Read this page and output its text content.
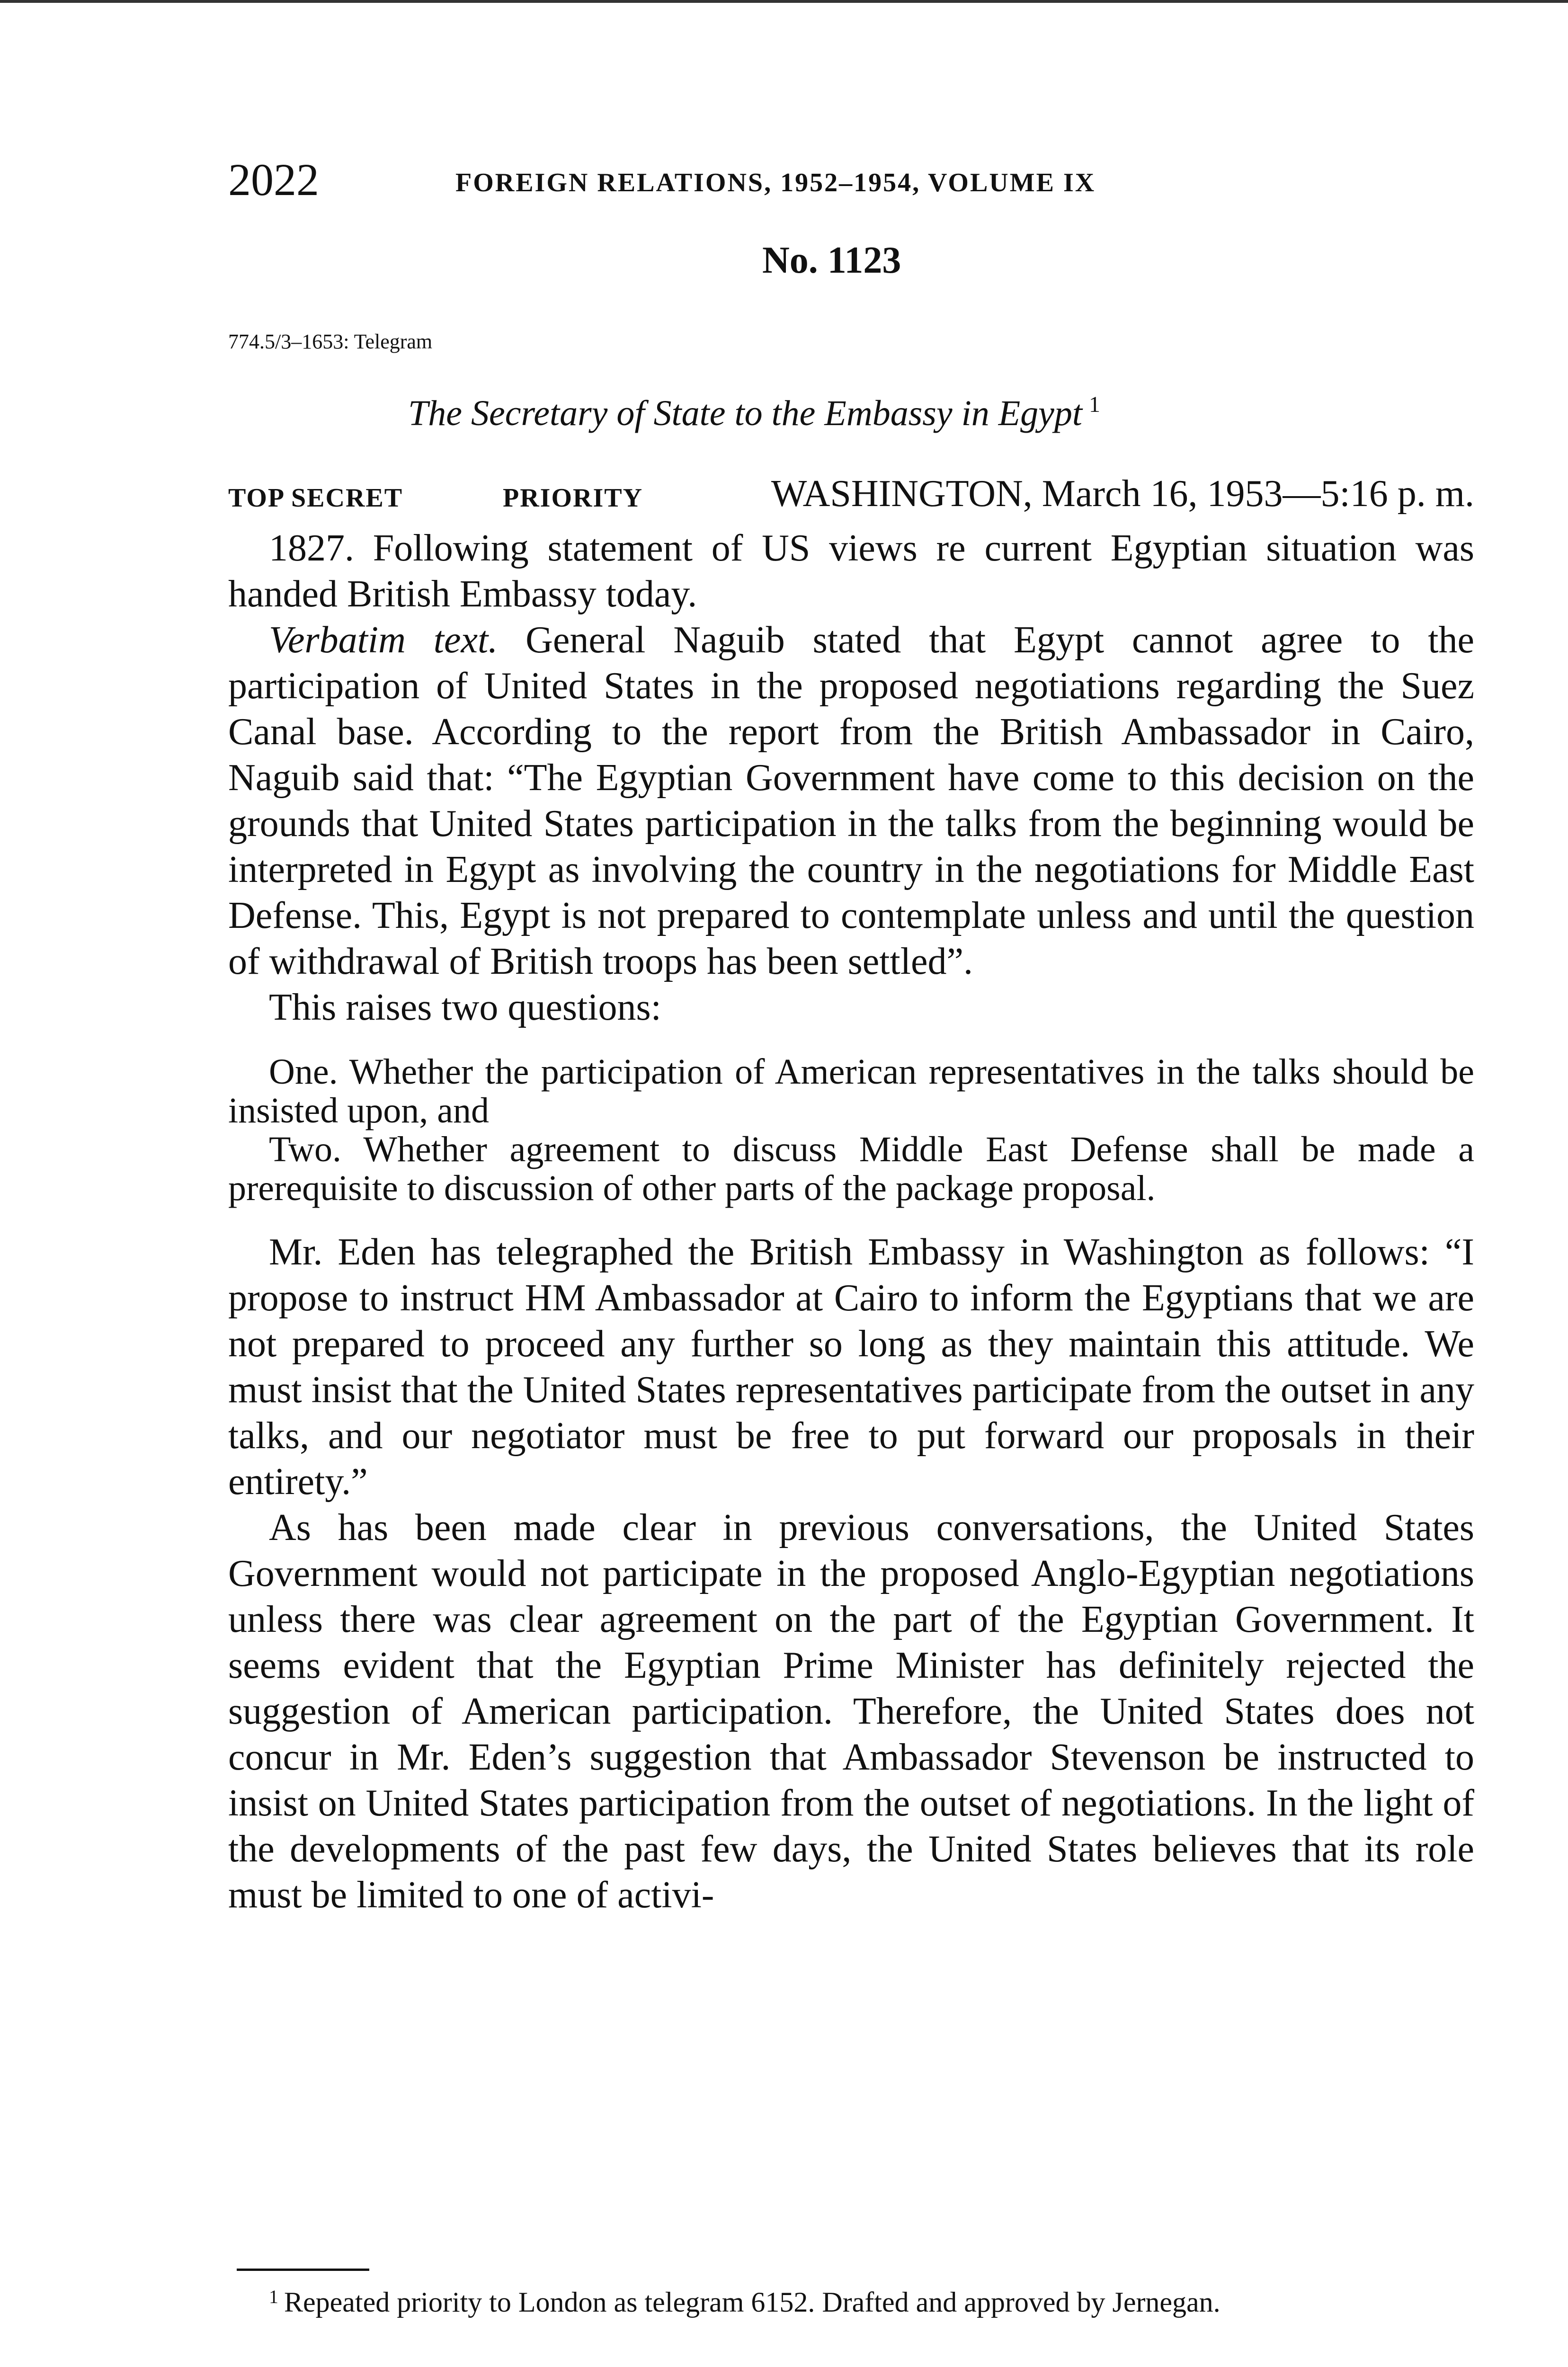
2022	FOREIGN RELATIONS, 1952–1954, VOLUME IX
No. 1123
774.5/3–1653: Telegram
The Secretary of State to the Embassy in Egypt $^1$
TOP SECRET	PRIORITY	WASHINGTON, March 16, 1953—5:16 p. m.

1827. Following statement of US views re current Egyptian situation was handed British Embassy today.

Verbatim text. General Naguib stated that Egypt cannot agree to the participation of United States in the proposed negotiations regarding the Suez Canal base. According to the report from the British Ambassador in Cairo, Naguib said that: “The Egyptian Government have come to this decision on the grounds that United States participation in the talks from the beginning would be interpreted in Egypt as involving the country in the negotiations for Middle East Defense. This, Egypt is not prepared to contemplate unless and until the question of withdrawal of British troops has been settled”.

This raises two questions:

One. Whether the participation of American representatives in the talks should be insisted upon, and

Two. Whether agreement to discuss Middle East Defense shall be made a prerequisite to discussion of other parts of the package proposal.

Mr. Eden has telegraphed the British Embassy in Washington as follows: “I propose to instruct HM Ambassador at Cairo to inform the Egyptians that we are not prepared to proceed any further so long as they maintain this attitude. We must insist that the United States representatives participate from the outset in any talks, and our negotiator must be free to put forward our proposals in their entirety.”

As has been made clear in previous conversations, the United States Government would not participate in the proposed Anglo-Egyptian negotiations unless there was clear agreement on the part of the Egyptian Government. It seems evident that the Egyptian Prime Minister has definitely rejected the suggestion of American participation. Therefore, the United States does not concur in Mr. Eden’s suggestion that Ambassador Stevenson be instructed to insist on United States participation from the outset of negotiations. In the light of the developments of the past few days, the United States believes that its role must be limited to one of activi-

$^1$ Repeated priority to London as telegram 6152. Drafted and approved by Jernegan.
